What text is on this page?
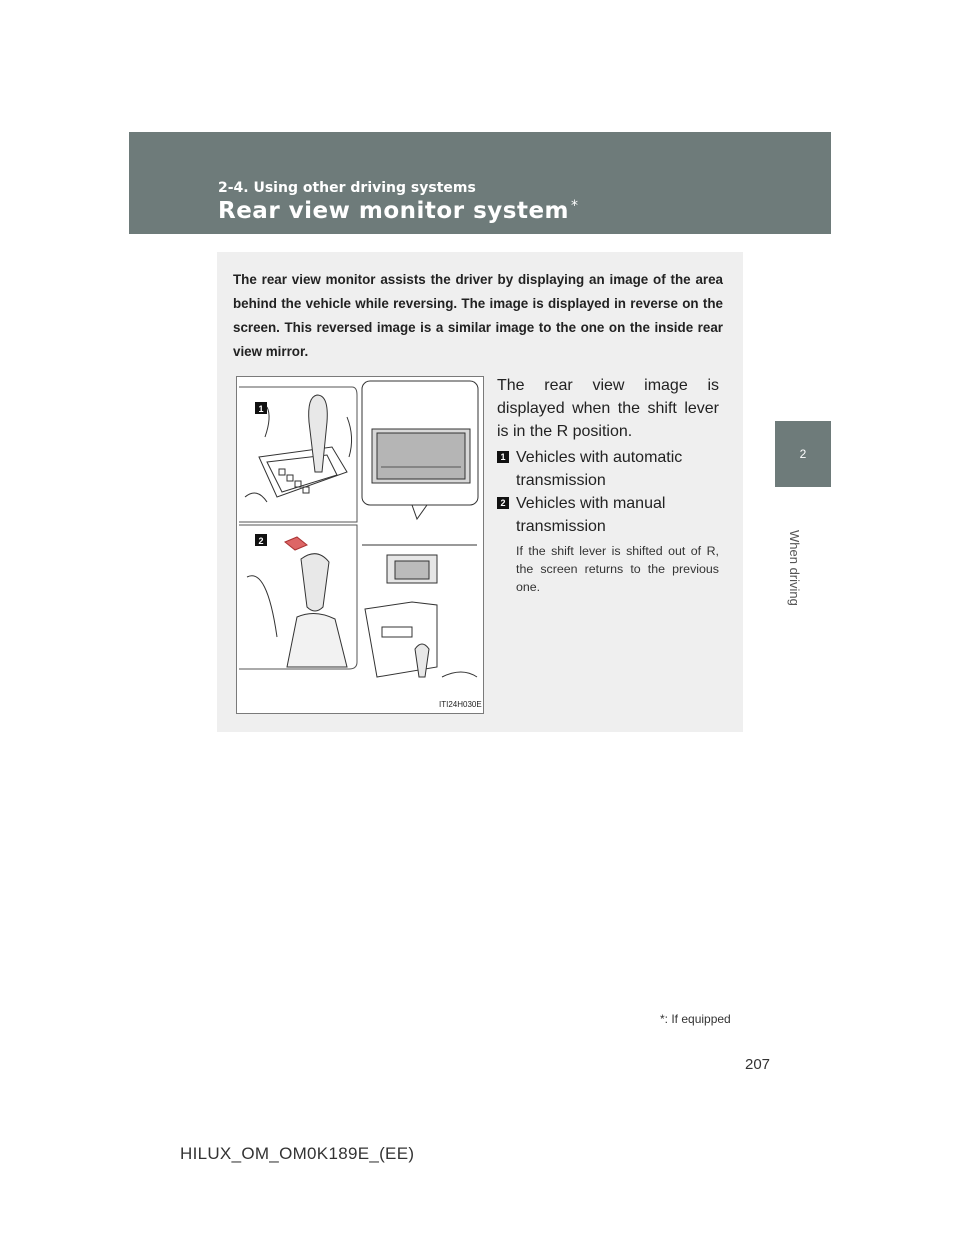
2-4. Using other driving systems
Rear view monitor system *
2
When driving
The rear view monitor assists the driver by displaying an image of the area behind the vehicle while reversing. The image is displayed in reverse on the screen. This reversed image is a similar image to the one on the inside rear view mirror.
1
2
ITI24H030E
The rear view image is displayed when the shift lever is in the R position.
1 Vehicles with automatic transmission
2 Vehicles with manual transmission
If the shift lever is shifted out of R, the screen returns to the previous one.
*: If equipped
207
HILUX_OM_OM0K189E_(EE)
